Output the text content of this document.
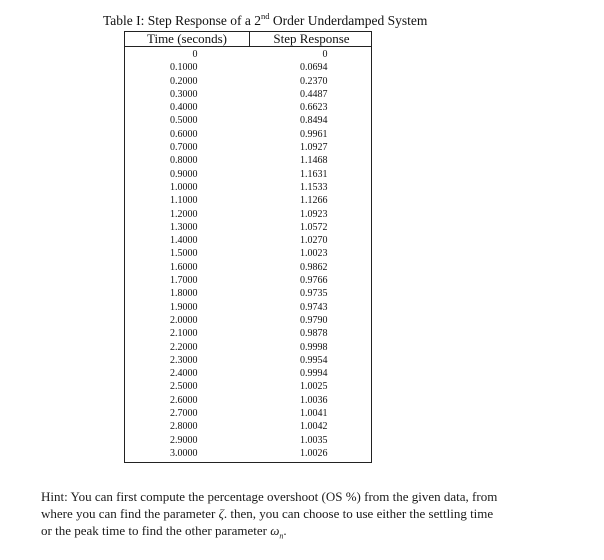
Table I: Step Response of a 2nd Order Underdamped System
Time (seconds)	Step Response
0
0.1000
0.2000
0.3000
0.4000
0.5000
0.6000
0.7000
0.8000
0.9000
1.0000
1.1000
1.2000
1.3000
1.4000
1.5000
1.6000
1.7000
1.8000
1.9000
2.0000
2.1000
2.2000
2.3000
2.4000
2.5000
2.6000
2.7000
2.8000
2.9000
3.0000
0
0.0694
0.2370
0.4487
0.6623
0.8494
0.9961
1.0927
1.1468
1.1631
1.1533
1.1266
1.0923
1.0572
1.0270
1.0023
0.9862
0.9766
0.9735
0.9743
0.9790
0.9878
0.9998
0.9954
0.9994
1.0025
1.0036
1.0041
1.0042
1.0035
1.0026

Hint: You can first compute the percentage overshoot (OS %) from the given data, from

where you can find the parameter ζ. then, you can choose to use either the settling time

or the peak time to find the other parameter $\omega_n$.
